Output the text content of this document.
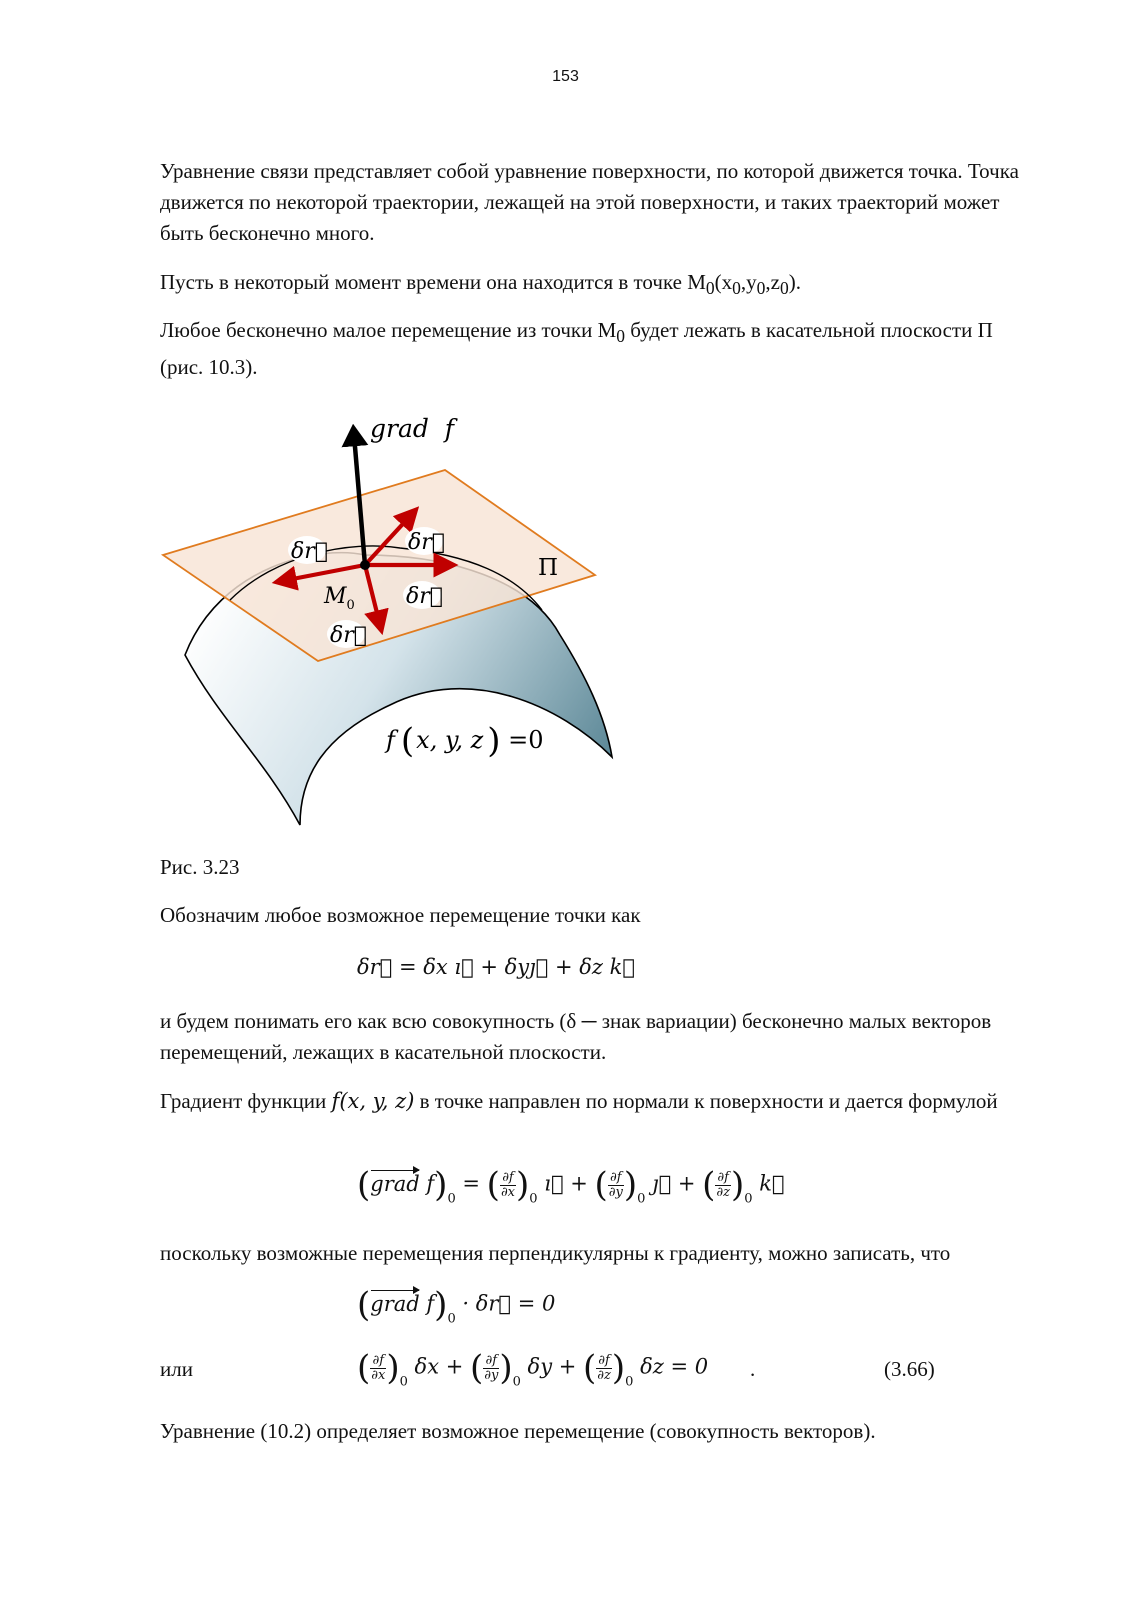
153

Уравнение связи представляет собой уравнение поверхности, по которой движется точка. Точка движется по некоторой траектории, лежащей на этой поверхности, и таких траекторий может быть бесконечно много.

Пусть в некоторый момент времени она находится в точке $M_0(x_0,y_0,z_0)$.

Любое бесконечно малое перемещение из точки $M_0$ будет лежать в касательной плоскости П (рис. 10.3).

grad  f
П
δr⃗	δr⃗
δr⃗
δr⃗
$M_0$
f (x, y, z ) =0

Рис. 3.23

Обозначим любое возможное перемещение точки как

δr⃗ = δx ı⃗ + δyȷ⃗ + δz k⃗

и будем понимать его как всю совокупность (δ ─ знак вариации) бесконечно малых векторов перемещений, лежащих в касательной плоскости.

Градиент функции f(x, y, z) в точке направлен по нормали к поверхности и дается формулой

(grad $f)_0$ = ( $\frac{\partial f}{\partial x} )_0$ ı⃗ + ( $\frac{\partial f}{\partial y} )_0$ ȷ⃗ + ( $\frac{\partial f}{\partial z} )_0$ k⃗

поскольку возможные перемещения перпендикулярны к градиенту, можно записать, что

(grad $f)_0$ · δr⃗ = 0
или	( $\frac{\partial f}{\partial x} )_0$ δx + ( $\frac{\partial f}{\partial y} )_0$ δy + ( $\frac{\partial f}{\partial z} )_0$ δz = 0 .	(3.66)

Уравнение (10.2) определяет возможное перемещение (совокупность векторов).
